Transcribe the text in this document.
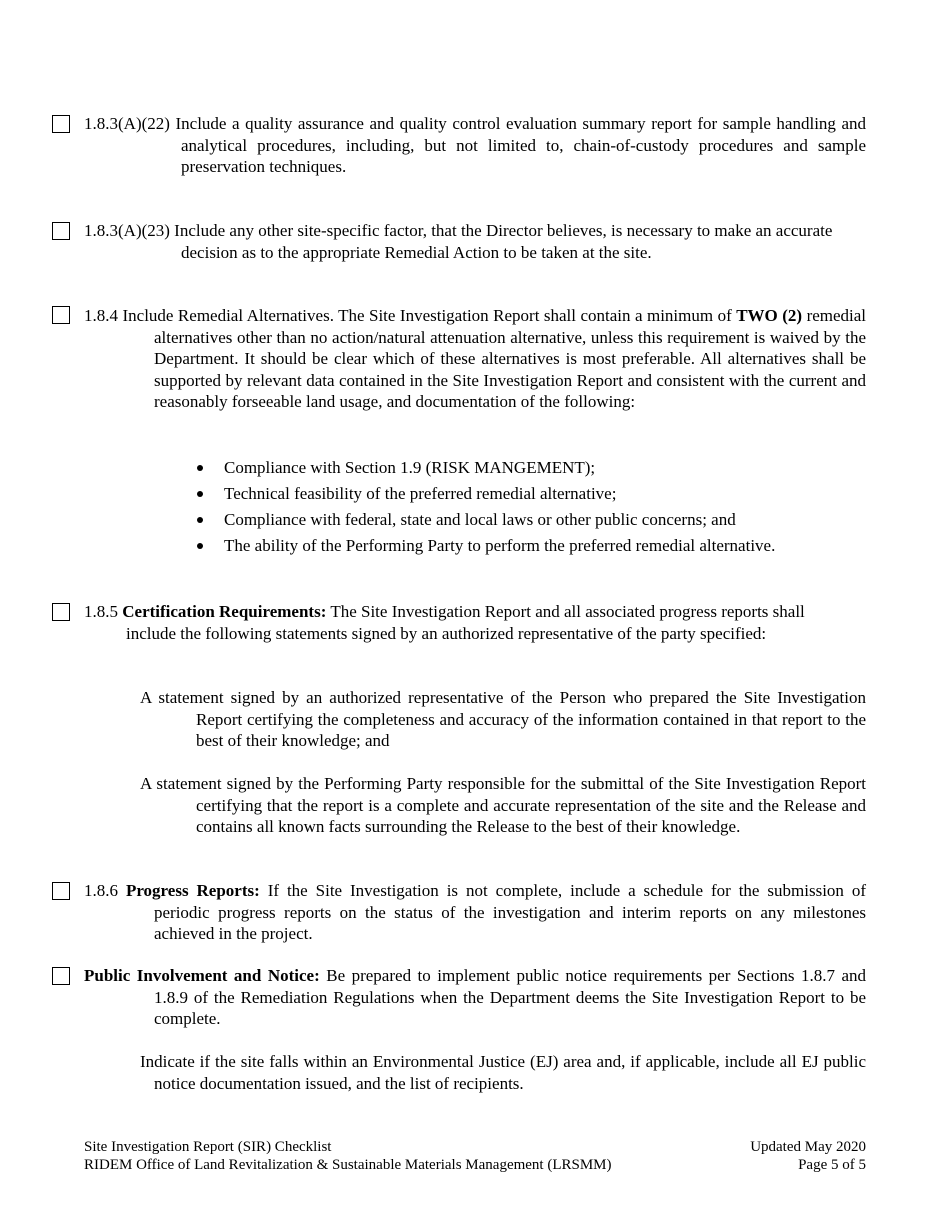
1.8.3(A)(22) Include a quality assurance and quality control evaluation summary report for sample handling and analytical procedures, including, but not limited to, chain-of-custody procedures and sample preservation techniques.
1.8.3(A)(23) Include any other site-specific factor, that the Director believes, is necessary to make an accurate decision as to the appropriate Remedial Action to be taken at the site.
1.8.4 Include Remedial Alternatives. The Site Investigation Report shall contain a minimum of TWO (2) remedial alternatives other than no action/natural attenuation alternative, unless this requirement is waived by the Department. It should be clear which of these alternatives is most preferable. All alternatives shall be supported by relevant data contained in the Site Investigation Report and consistent with the current and reasonably forseeable land usage, and documentation of the following:
Compliance with Section 1.9 (RISK MANGEMENT);
Technical feasibility of the preferred remedial alternative;
Compliance with federal, state and local laws or other public concerns; and
The ability of the Performing Party to perform the preferred remedial alternative.
1.8.5 Certification Requirements: The Site Investigation Report and all associated progress reports shall include the following statements signed by an authorized representative of the party specified:
A statement signed by an authorized representative of the Person who prepared the Site Investigation Report certifying the completeness and accuracy of the information contained in that report to the best of their knowledge; and
A statement signed by the Performing Party responsible for the submittal of the Site Investigation Report certifying that the report is a complete and accurate representation of the site and the Release and contains all known facts surrounding the Release to the best of their knowledge.
1.8.6 Progress Reports: If the Site Investigation is not complete, include a schedule for the submission of periodic progress reports on the status of the investigation and interim reports on any milestones achieved in the project.
Public Involvement and Notice: Be prepared to implement public notice requirements per Sections 1.8.7 and 1.8.9 of the Remediation Regulations when the Department deems the Site Investigation Report to be complete.
Indicate if the site falls within an Environmental Justice (EJ) area and, if applicable, include all EJ public notice documentation issued, and the list of recipients.
Site Investigation Report (SIR) Checklist
RIDEM Office of Land Revitalization & Sustainable Materials Management (LRSMM)
Updated May 2020
Page 5 of 5
